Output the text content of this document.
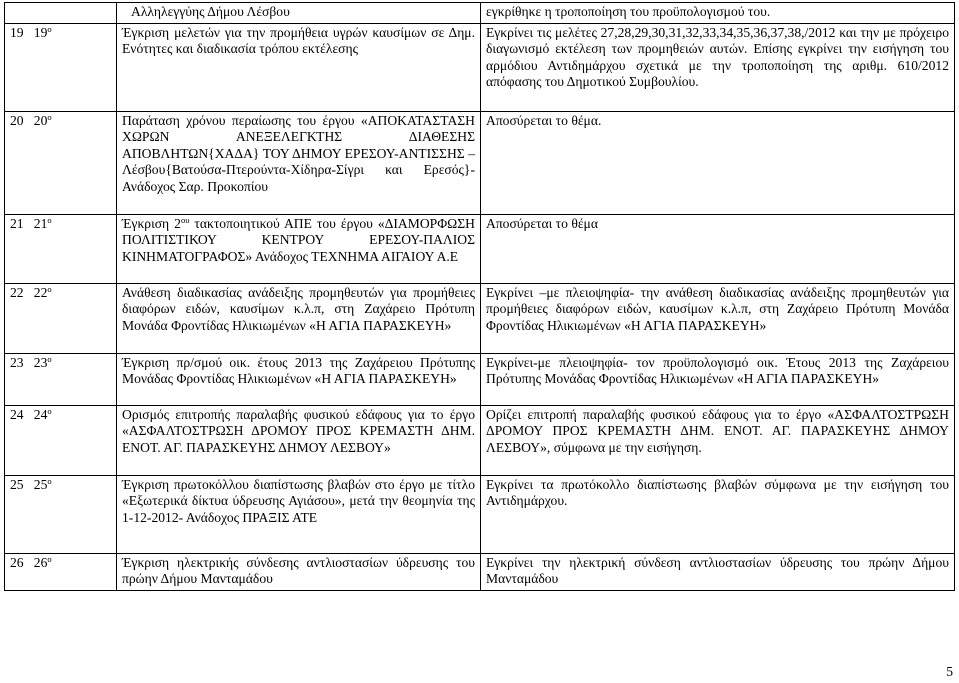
	Αλληλεγγύης Δήμου Λέσβου	εγκρίθηκε η τροποποίηση του προϋπολογισμού του.
19 $19^o$	Έγκριση μελετών για την προμήθεια υγρών καυσίμων σε Δημ. Ενότητες και διαδικασία τρόπου εκτέλεσης	Εγκρίνει τις μελέτες 27,28,29,30,31,32,33,34,35,36,37,38,/2012 και την με πρόχειρο διαγωνισμό εκτέλεση των προμηθειών αυτών. Επίσης εγκρίνει την εισήγηση του αρμόδιου Αντιδημάρχου σχετικά με την τροποποίηση της αριθμ. 610/2012 απόφασης του Δημοτικού Συμβουλίου.
20 $20^o$	Παράταση χρόνου περαίωσης του έργου «ΑΠΟΚΑΤΑΣΤΑΣΗ ΧΩΡΩΝ ΑΝΕΞΕΛΕΓΚΤΗΣ ΔΙΑΘΕΣΗΣ ΑΠΟΒΛΗΤΩΝ{ΧΑΔΑ} ΤΟΥ ΔΗΜΟΥ ΕΡΕΣΟΥ-ΑΝΤΙΣΣΗΣ –Λέσβου{Βατούσα-Πτερούντα-Χίδηρα-Σίγρι και Ερεσός}-Ανάδοχος Σαρ. Προκοπίου	Αποσύρεται το θέμα.
21 $21^o$	Έγκριση $2^{o\upsilon}$ τακτοποιητικού ΑΠΕ του έργου «ΔΙΑΜΟΡΦΩΣΗ ΠΟΛΙΤΙΣΤΙΚΟΥ ΚΕΝΤΡΟΥ ΕΡΕΣΟΥ-ΠΑΛΙΟΣ ΚΙΝΗΜΑΤΟΓΡΑΦΟΣ» Ανάδοχος ΤΕΧΝΗΜΑ ΑΙΓΑΙΟΥ Α.Ε	Αποσύρεται το θέμα
22 $22^o$	Ανάθεση διαδικασίας ανάδειξης προμηθευτών για προμήθειες διαφόρων ειδών, καυσίμων κ.λ.π, στη Ζαχάρειο Πρότυπη Μονάδα Φροντίδας Ηλικιωμένων «Η ΑΓΙΑ ΠΑΡΑΣΚΕΥΗ»	Εγκρίνει –με πλειοψηφία- την ανάθεση διαδικασίας ανάδειξης προμηθευτών για προμήθειες διαφόρων ειδών, καυσίμων κ.λ.π, στη Ζαχάρειο Πρότυπη Μονάδα Φροντίδας Ηλικιωμένων «Η ΑΓΙΑ ΠΑΡΑΣΚΕΥΗ»
23 $23^o$	Έγκριση πρ/σμού οικ. έτους 2013 της Ζαχάρειου Πρότυπης Μονάδας Φροντίδας Ηλικιωμένων «Η ΑΓΙΑ ΠΑΡΑΣΚΕΥΗ»	Εγκρίνει-με πλειοψηφία- τον προϋπολογισμό οικ. Έτους 2013 της Ζαχάρειου Πρότυπης Μονάδας Φροντίδας Ηλικιωμένων «Η ΑΓΙΑ ΠΑΡΑΣΚΕΥΗ»
24 $24^o$	Ορισμός επιτροπής παραλαβής φυσικού εδάφους για το έργο «ΑΣΦΑΛΤΟΣΤΡΩΣΗ ΔΡΟΜΟΥ ΠΡΟΣ ΚΡΕΜΑΣΤΗ ΔΗΜ. ΕΝΟΤ. ΑΓ. ΠΑΡΑΣΚΕΥΗΣ ΔΗΜΟΥ ΛΕΣΒΟΥ»	Ορίζει επιτροπή παραλαβής φυσικού εδάφους για το έργο «ΑΣΦΑΛΤΟΣΤΡΩΣΗ ΔΡΟΜΟΥ ΠΡΟΣ ΚΡΕΜΑΣΤΗ ΔΗΜ. ΕΝΟΤ. ΑΓ. ΠΑΡΑΣΚΕΥΗΣ ΔΗΜΟΥ ΛΕΣΒΟΥ», σύμφωνα με την εισήγηση.
25 $25^o$	Έγκριση πρωτοκόλλου διαπίστωσης βλαβών στο έργο με τίτλο «Εξωτερικά δίκτυα ύδρευσης Αγιάσου», μετά την θεομηνία της 1-12-2012- Ανάδοχος ΠΡΑΞΙΣ ΑΤΕ	Εγκρίνει τα πρωτόκολλο διαπίστωσης βλαβών σύμφωνα με την εισήγηση του Αντιδημάρχου.
26 $26^o$	Έγκριση ηλεκτρικής σύνδεσης αντλιοστασίων ύδρευσης του πρώην Δήμου Μανταμάδου	Εγκρίνει την ηλεκτρική σύνδεση αντλιοστασίων ύδρευσης του πρώην Δήμου Μανταμάδου
5
